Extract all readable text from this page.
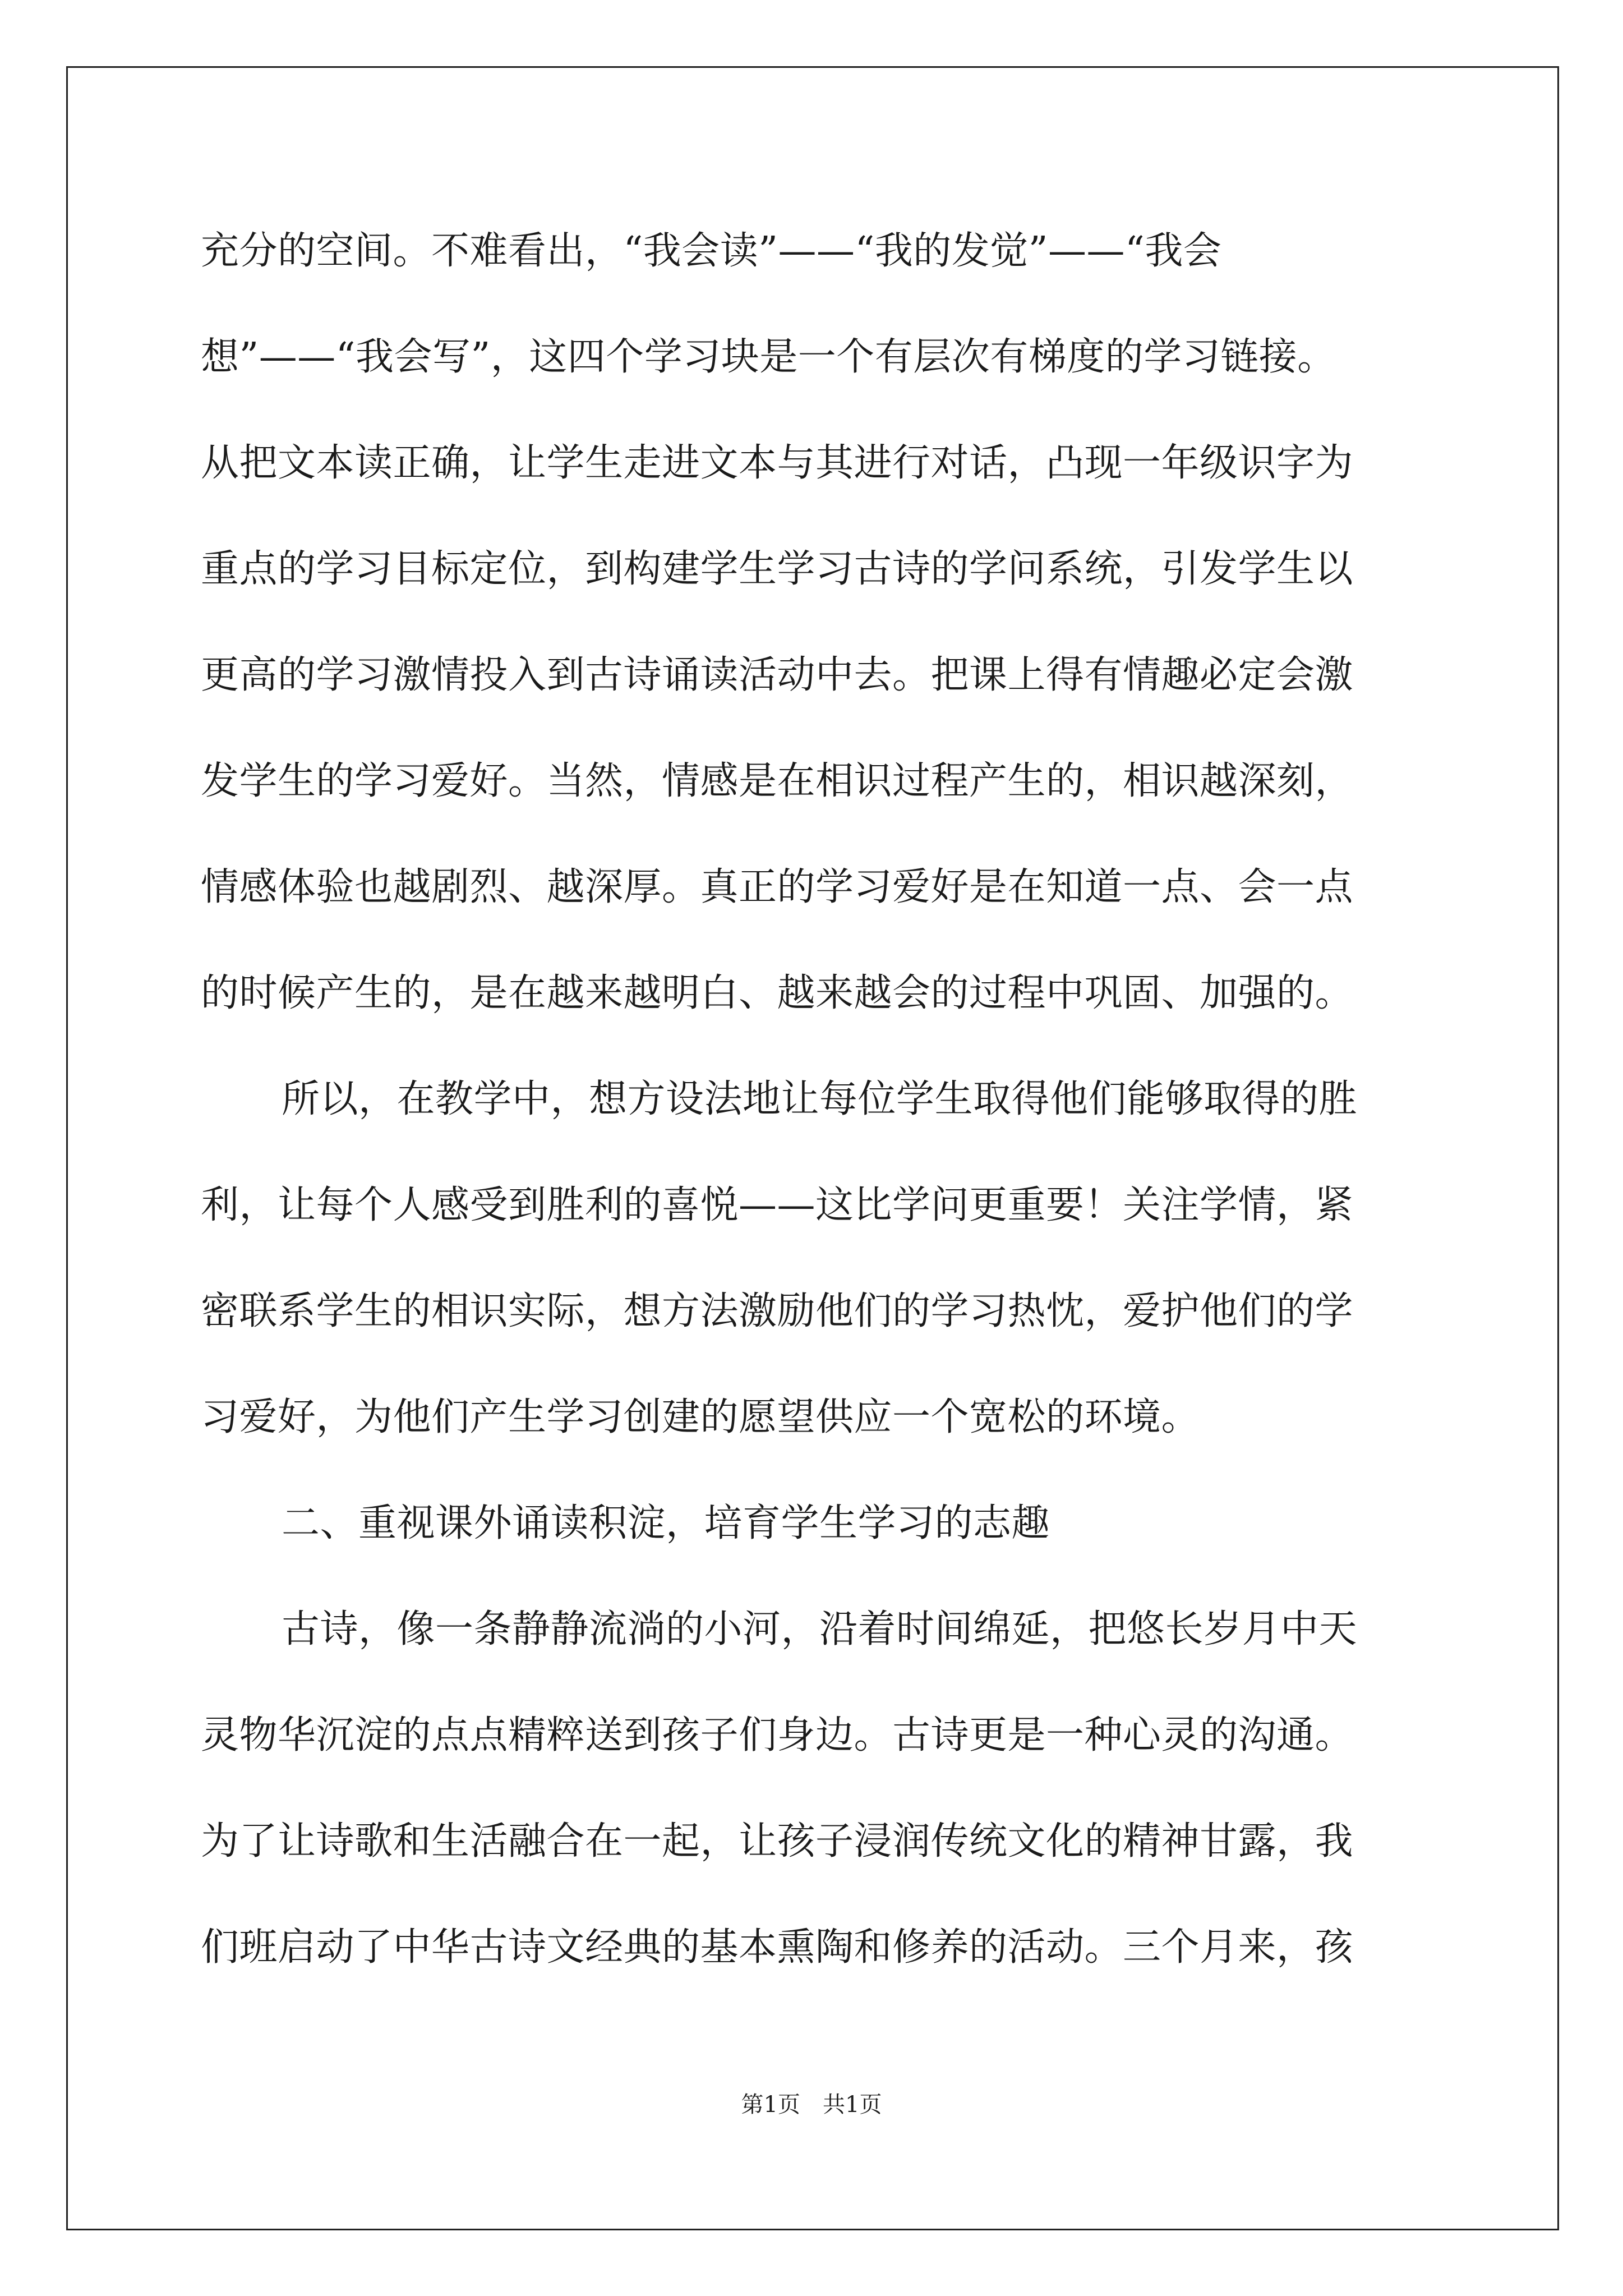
充分的空间。不难看出，“我会读”——“我的发觉”——“我会
想”——“我会写”，这四个学习块是一个有层次有梯度的学习链接。
从把文本读正确，让学生走进文本与其进行对话，凸现一年级识字为
重点的学习目标定位，到构建学生学习古诗的学问系统，引发学生以
更高的学习激情投入到古诗诵读活动中去。把课上得有情趣必定会激
发学生的学习爱好。当然，情感是在相识过程产生的，相识越深刻，
情感体验也越剧烈、越深厚。真正的学习爱好是在知道一点、会一点
的时候产生的，是在越来越明白、越来越会的过程中巩固、加强的。
所以，在教学中，想方设法地让每位学生取得他们能够取得的胜
利，让每个人感受到胜利的喜悦——这比学问更重要！关注学情，紧
密联系学生的相识实际，想方法激励他们的学习热忱，爱护他们的学
习爱好，为他们产生学习创建的愿望供应一个宽松的环境。
二、重视课外诵读积淀，培育学生学习的志趣
古诗，像一条静静流淌的小河，沿着时间绵延，把悠长岁月中天
灵物华沉淀的点点精粹送到孩子们身边。古诗更是一种心灵的沟通。
为了让诗歌和生活融合在一起，让孩子浸润传统文化的精神甘露，我
们班启动了中华古诗文经典的基本熏陶和修养的活动。三个月来，孩
第1页 共1页
